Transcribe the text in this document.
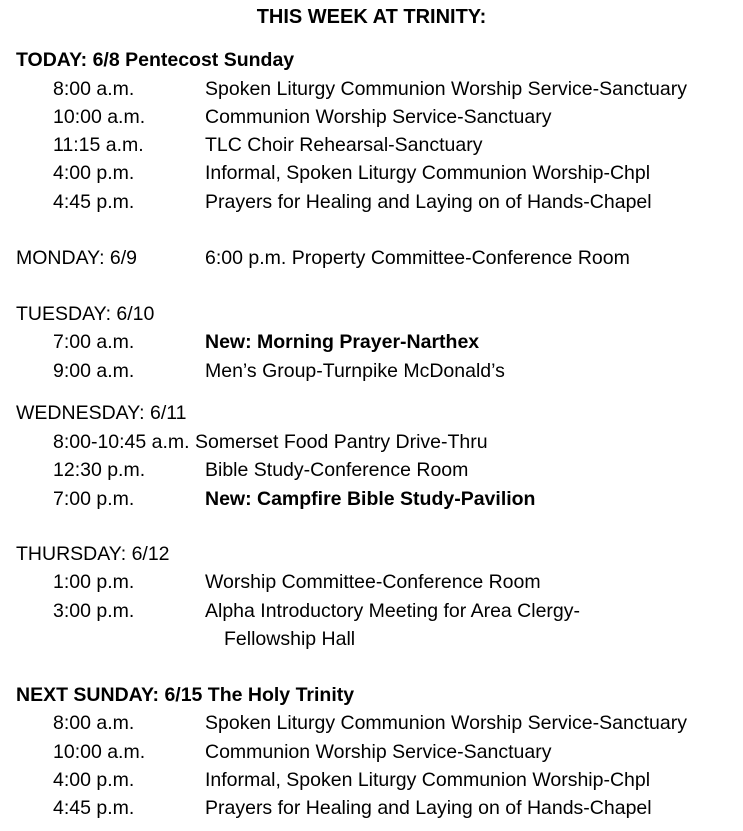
THIS WEEK AT TRINITY:
TODAY: 6/8 Pentecost Sunday
8:00 a.m.	Spoken Liturgy Communion Worship Service-Sanctuary
10:00 a.m.	Communion Worship Service-Sanctuary
11:15 a.m.	TLC Choir Rehearsal-Sanctuary
4:00 p.m.	Informal, Spoken Liturgy Communion Worship-Chpl
4:45 p.m.	Prayers for Healing and Laying on of Hands-Chapel
MONDAY: 6/9	6:00 p.m. Property Committee-Conference Room
TUESDAY: 6/10
7:00 a.m.	New: Morning Prayer-Narthex
9:00 a.m.	Men’s Group-Turnpike McDonald’s
WEDNESDAY: 6/11
8:00-10:45 a.m. Somerset Food Pantry Drive-Thru
12:30 p.m.	Bible Study-Conference Room
7:00 p.m.	New: Campfire Bible Study-Pavilion
THURSDAY: 6/12
1:00 p.m.	Worship Committee-Conference Room
3:00 p.m.	Alpha Introductory Meeting for Area Clergy-
Fellowship Hall
NEXT SUNDAY: 6/15 The Holy Trinity
8:00 a.m.	Spoken Liturgy Communion Worship Service-Sanctuary
10:00 a.m.	Communion Worship Service-Sanctuary
4:00 p.m.	Informal, Spoken Liturgy Communion Worship-Chpl
4:45 p.m.	Prayers for Healing and Laying on of Hands-Chapel
